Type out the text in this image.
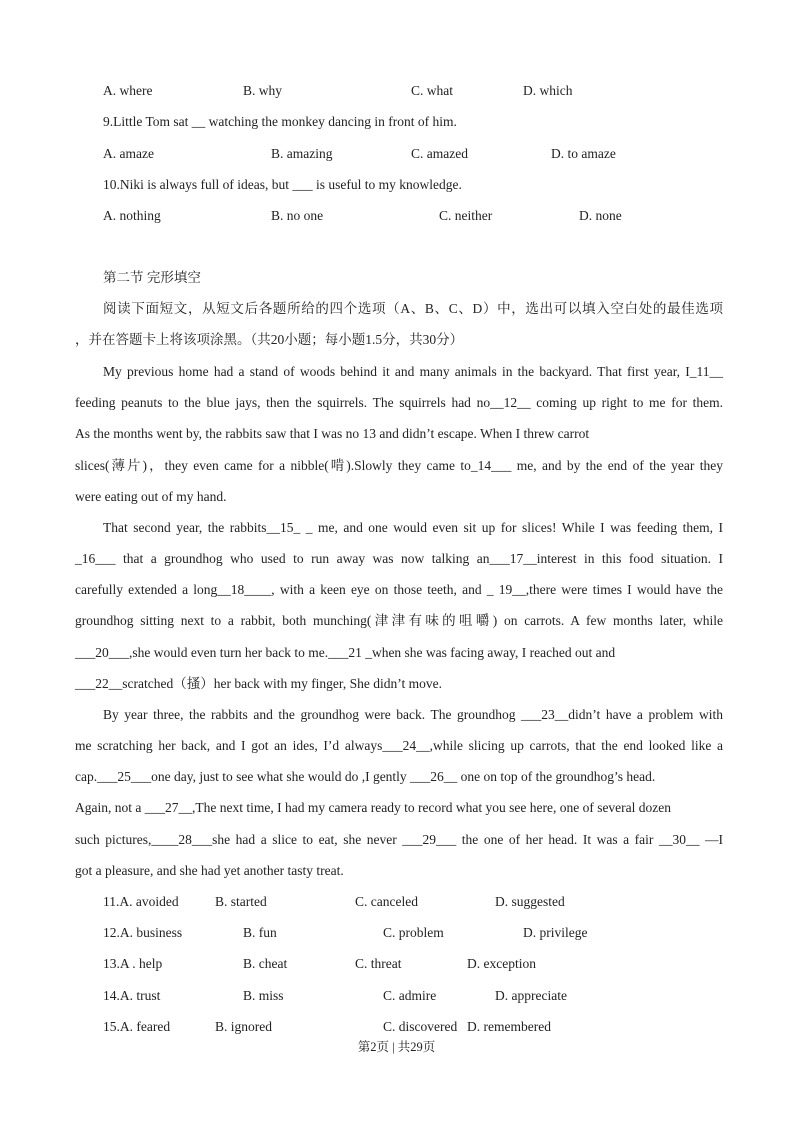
A. where	B. why	C. what	D. which
9.Little Tom sat __ watching the monkey dancing in front of him.
A. amaze	B. amazing	C. amazed	D. to amaze
10.Niki is always full of ideas, but ___ is useful to my knowledge.
A. nothing	B. no one	C. neither	D. none
第二节 完形填空
阅读下面短文，从短文后各题所给的四个选项（A、B、C、D）中，选出可以填入空白处的最佳选项
，并在答题卡上将该项涂黑。（共20小题；每小题1.5分，共30分）
My previous home had a stand of woods behind it and many animals in the backyard. That first year, I_11__
feeding peanuts to the blue jays, then the squirrels. The squirrels had no__12__ coming up right to me for them.
As the months went by, the rabbits saw that I was no 13 and didn’t escape. When I threw carrot
slices(薄片)，they even came for a nibble(啃).Slowly they came to_14___ me, and by the end of the year they
were eating out of my hand.
That second year, the rabbits__15_ _ me, and one would even sit up for slices! While I was feeding them, I
_16___ that a groundhog who used to run away was now talking an___17__interest in this food situation. I
carefully extended a long__18____, with a keen eye on those teeth, and _ 19__,there were times I would have the
groundhog sitting next to a rabbit, both munching(津津有味的咀嚼) on carrots. A few months later, while
___20___,she would even turn her back to me.___21 _when she was facing away, I reached out and
___22__scratched（搔）her back with my finger, She didn’t move.
By year three, the rabbits and the groundhog were back. The groundhog ___23__didn’t have a problem with
me scratching her back, and I got an ides, I’d always___24__,while slicing up carrots, that the end looked like a
cap.___25___one day, just to see what she would do ,I gently ___26__ one on top of the groundhog’s head.
Again, not a ___27__,The next time, I had my camera ready to record what you see here, one of several dozen
such pictures,____28___she had a slice to eat, she never ___29___ the one of her head. It was a fair __30__ —I
got a pleasure, and she had yet another tasty treat.
11.A. avoided	B. started	C. canceled	D. suggested
12.A. business	B. fun	C. problem	D. privilege
13.A . help	B. cheat	C. threat	D. exception
14.A. trust	B. miss	C. admire	D. appreciate
15.A. feared	B. ignored	C. discovered D. remembered
第2页 | 共29页
